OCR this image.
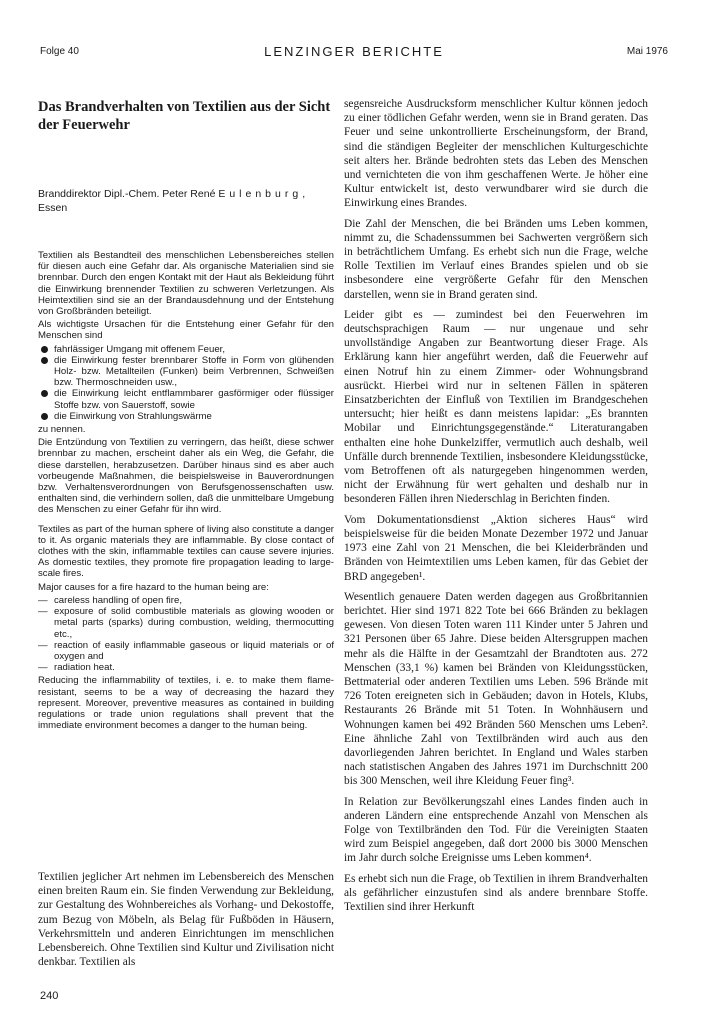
Folge 40	LENZINGER BERICHTE	Mai 1976
Das Brandverhalten von Textilien aus der Sicht der Feuerwehr
Branddirektor Dipl.-Chem. Peter René Eulenburg,
Essen

Textilien als Bestandteil des menschlichen Lebensbereiches stellen für diesen auch eine Gefahr dar. Als organische Materialien sind sie brennbar. Durch den engen Kontakt mit der Haut als Bekleidung führt die Einwirkung brennender Textilien zu schweren Verletzungen. Als Heimtextilien sind sie an der Brandausdehnung und der Entstehung von Großbränden beteiligt.

Als wichtigste Ursachen für die Entstehung einer Gefahr für den Menschen sind

fahrlässiger Umgang mit offenem Feuer,
die Einwirkung fester brennbarer Stoffe in Form von glühenden Holz- bzw. Metallteilen (Funken) beim Verbrennen, Schweißen bzw. Thermoschneiden usw.,
die Einwirkung leicht entflammbarer gasförmiger oder flüssiger Stoffe bzw. von Sauerstoff, sowie
die Einwirkung von Strahlungswärme

zu nennen.

Die Entzündung von Textilien zu verringern, das heißt, diese schwer brennbar zu machen, erscheint daher als ein Weg, die Gefahr, die diese darstellen, herabzusetzen. Darüber hinaus sind es aber auch vorbeugende Maßnahmen, die beispielsweise in Bauverordnungen bzw. Verhaltensverordnungen von Berufsgenossenschaften usw. enthalten sind, die verhindern sollen, daß die unmittelbare Umgebung des Menschen zu einer Gefahr für ihn wird.

Textiles as part of the human sphere of living also constitute a danger to it. As organic materials they are inflammable. By close contact of clothes with the skin, inflammable textiles can cause severe injuries. As domestic textiles, they promote fire propagation leading to large-scale fires.

Major causes for a fire hazard to the human being are:

— careless handling of open fire,
— exposure of solid combustible materials as glowing wooden or metal parts (sparks) during combustion, welding, thermocutting etc.,
— reaction of easily inflammable gaseous or liquid materials or of oxygen and
— radiation heat.

Reducing the inflammability of textiles, i. e. to make them flame-resistant, seems to be a way of decreasing the hazard they represent. Moreover, preventive measures as contained in building regulations or trade union regulations shall prevent that the immediate environment becomes a danger to the human being.

Textilien jeglicher Art nehmen im Lebensbereich des Menschen einen breiten Raum ein. Sie finden Verwendung zur Bekleidung, zur Gestaltung des Wohnbereiches als Vorhang- und Dekostoffe, zum Bezug von Möbeln, als Belag für Fußböden in Häusern, Verkehrsmitteln und anderen Einrichtungen im menschlichen Lebensbereich. Ohne Textilien sind Kultur und Zivilisation nicht denkbar. Textilien als

segensreiche Ausdrucksform menschlicher Kultur können jedoch zu einer tödlichen Gefahr werden, wenn sie in Brand geraten. Das Feuer und seine unkontrollierte Erscheinungsform, der Brand, sind die ständigen Begleiter der menschlichen Kulturgeschichte seit alters her. Brände bedrohten stets das Leben des Menschen und vernichteten die von ihm geschaffenen Werte. Je höher eine Kultur entwickelt ist, desto verwundbarer wird sie durch die Einwirkung eines Brandes.

Die Zahl der Menschen, die bei Bränden ums Leben kommen, nimmt zu, die Schadenssummen bei Sachwerten vergrößern sich in beträchtlichem Umfang. Es erhebt sich nun die Frage, welche Rolle Textilien im Verlauf eines Brandes spielen und ob sie insbesondere eine vergrößerte Gefahr für den Menschen darstellen, wenn sie in Brand geraten sind.

Leider gibt es — zumindest bei den Feuerwehren im deutschsprachigen Raum — nur ungenaue und sehr unvollständige Angaben zur Beantwortung dieser Frage. Als Erklärung kann hier angeführt werden, daß die Feuerwehr auf einen Notruf hin zu einem Zimmer- oder Wohnungsbrand ausrückt. Hierbei wird nur in seltenen Fällen in späteren Einsatzberichten der Einfluß von Textilien im Brandgeschehen untersucht; hier heißt es dann meistens lapidar: „Es brannten Mobilar und Einrichtungsgegenstände.“ Literaturangaben enthalten eine hohe Dunkelziffer, vermutlich auch deshalb, weil Unfälle durch brennende Textilien, insbesondere Kleidungsstücke, vom Betroffenen oft als naturgegeben hingenommen werden, nicht der Erwähnung für wert gehalten und deshalb nur in besonderen Fällen ihren Niederschlag in Berichten finden.

Vom Dokumentationsdienst „Aktion sicheres Haus“ wird beispielsweise für die beiden Monate Dezember 1972 und Januar 1973 eine Zahl von 21 Menschen, die bei Kleiderbränden und Bränden von Heimtextilien ums Leben kamen, für das Gebiet der BRD angegeben¹.

Wesentlich genauere Daten werden dagegen aus Großbritannien berichtet. Hier sind 1971 822 Tote bei 666 Bränden zu beklagen gewesen. Von diesen Toten waren 111 Kinder unter 5 Jahren und 321 Personen über 65 Jahre. Diese beiden Altersgruppen machen mehr als die Hälfte in der Gesamtzahl der Brandtoten aus. 272 Menschen (33,1 %) kamen bei Bränden von Kleidungsstücken, Bettmaterial oder anderen Textilien ums Leben. 596 Brände mit 726 Toten ereigneten sich in Gebäuden; davon in Hotels, Klubs, Restaurants 26 Brände mit 51 Toten. In Wohnhäusern und Wohnungen kamen bei 492 Bränden 560 Menschen ums Leben². Eine ähnliche Zahl von Textilbränden wird auch aus den davorliegenden Jahren berichtet. In England und Wales starben nach statistischen Angaben des Jahres 1971 im Durchschnitt 200 bis 300 Menschen, weil ihre Kleidung Feuer fing³.

In Relation zur Bevölkerungszahl eines Landes finden auch in anderen Ländern eine entsprechende Anzahl von Menschen als Folge von Textilbränden den Tod. Für die Vereinigten Staaten wird zum Beispiel angegeben, daß dort 2000 bis 3000 Menschen im Jahr durch solche Ereignisse ums Leben kommen⁴.

Es erhebt sich nun die Frage, ob Textilien in ihrem Brandverhalten als gefährlicher einzustufen sind als andere brennbare Stoffe. Textilien sind ihrer Herkunft

240
